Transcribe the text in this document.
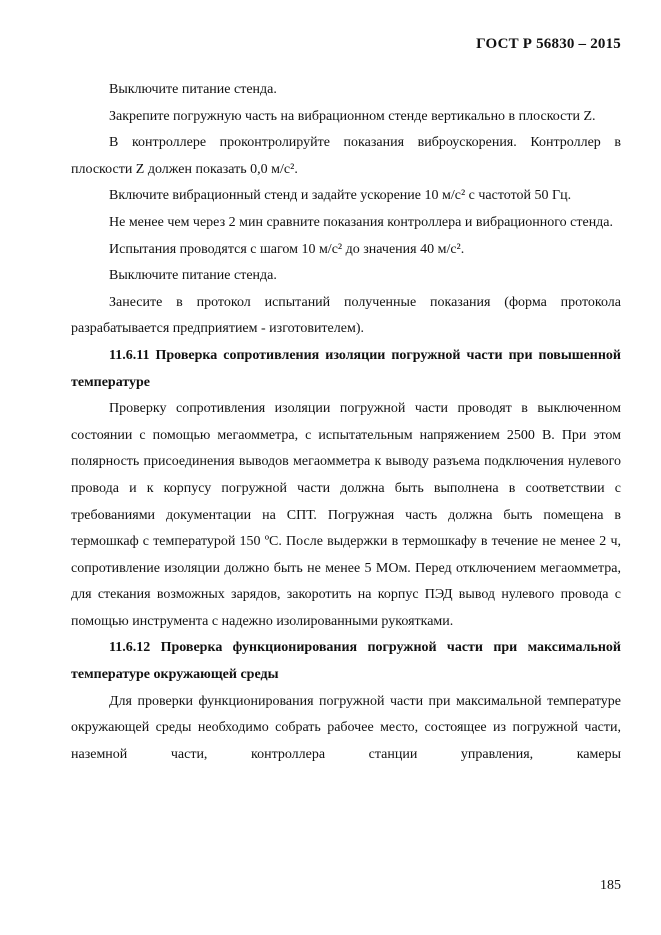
ГОСТ Р 56830 – 2015

Выключите питание стенда.

Закрепите погружную часть на вибрационном стенде вертикально в плоскости Z.

В контроллере проконтролируйте показания виброускорения. Контроллер в плоскости Z должен показать 0,0 м/с².

Включите вибрационный стенд и задайте ускорение 10 м/с² с частотой 50 Гц.

Не менее чем через 2 мин сравните показания контроллера и вибрационного стенда.

Испытания проводятся с шагом 10 м/с² до значения 40 м/с².

Выключите питание стенда.

Занесите в протокол испытаний полученные показания (форма протокола разрабатывается предприятием - изготовителем).

11.6.11 Проверка сопротивления изоляции погружной части при повышенной температуре

Проверку сопротивления изоляции погружной части проводят в выключенном состоянии с помощью мегаомметра, с испытательным напряжением 2500 В. При этом полярность присоединения выводов мегаомметра к выводу разъема подключения нулевого провода и к корпусу погружной части должна быть выполнена в соответствии с требованиями документации на СПТ. Погружная часть должна быть помещена в термошкаф с температурой 150 ºС. После выдержки в термошкафу в течение не менее 2 ч, сопротивление изоляции должно быть не менее 5 МОм. Перед отключением мегаомметра, для стекания возможных зарядов, закоротить на корпус ПЭД вывод нулевого провода с помощью инструмента с надежно изолированными рукоятками.

11.6.12 Проверка функционирования погружной части при максимальной температуре окружающей среды

Для проверки функционирования погружной части при максимальной температуре окружающей среды необходимо собрать рабочее место, состоящее из погружной части, наземной части, контроллера станции управления, камеры

185
